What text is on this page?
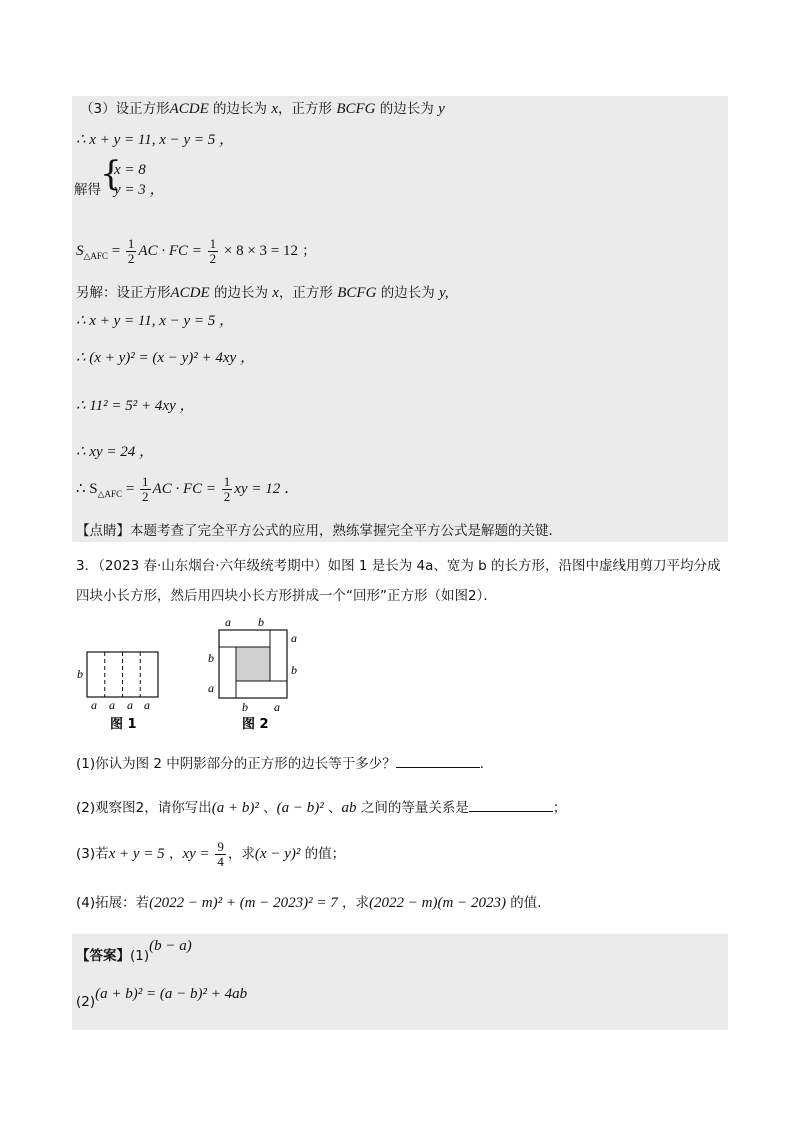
（3）设正方形ACDE 的边长为 x，正方形 BCFG 的边长为 y
∴ x + y = 11, x − y = 5 ，
{
解得
x = 8
y = 3 ，
$S_{\triangle AFC} = \frac{1}{2}$ AC · FC = $\frac{1}{2} \times 8 \times 3 = 12$ ；
另解：设正方形ACDE 的边长为 x，正方形 BCFG 的边长为 y,
∴ x + y = 11, x − y = 5 ，
∴ (x + y)² = (x − y)² + 4xy ，
∴ 11² = 5² + 4xy ，
∴ xy = 24 ，
∴ $S_{\triangle AFC} = \frac{1}{2}$ AC · FC = $\frac{1}{2}$ xy = 12 ．
【点睛】本题考查了完全平方公式的应用，熟练掌握完全平方公式是解题的关键．
3．（2023 春·山东烟台·六年级统考期中）如图 1 是长为 4a、宽为 b 的长方形，沿图中虚线用剪刀平均分成
四块小长方形，然后用四块小长方形拼成一个“回形”正方形（如图2）．
b
a a a a
a b
a
b
b
a
b a
图 1	图 2
(1)你认为图 2 中阴影部分的正方形的边长等于多少？	．
(2)观察图2，请你写出(a + b)² 、(a − b)² 、ab 之间的等量关系是	；
(3)若x + y = 5 ，xy = $\frac{9}{4}$ ，求(x − y)² 的值；
(4)拓展：若(2022 − m)² + (m − 2023)² = 7 ，求(2022 − m)(m − 2023) 的值．
【答案】(1)(b − a)
(2)(a + b)² = (a − b)² + 4ab
